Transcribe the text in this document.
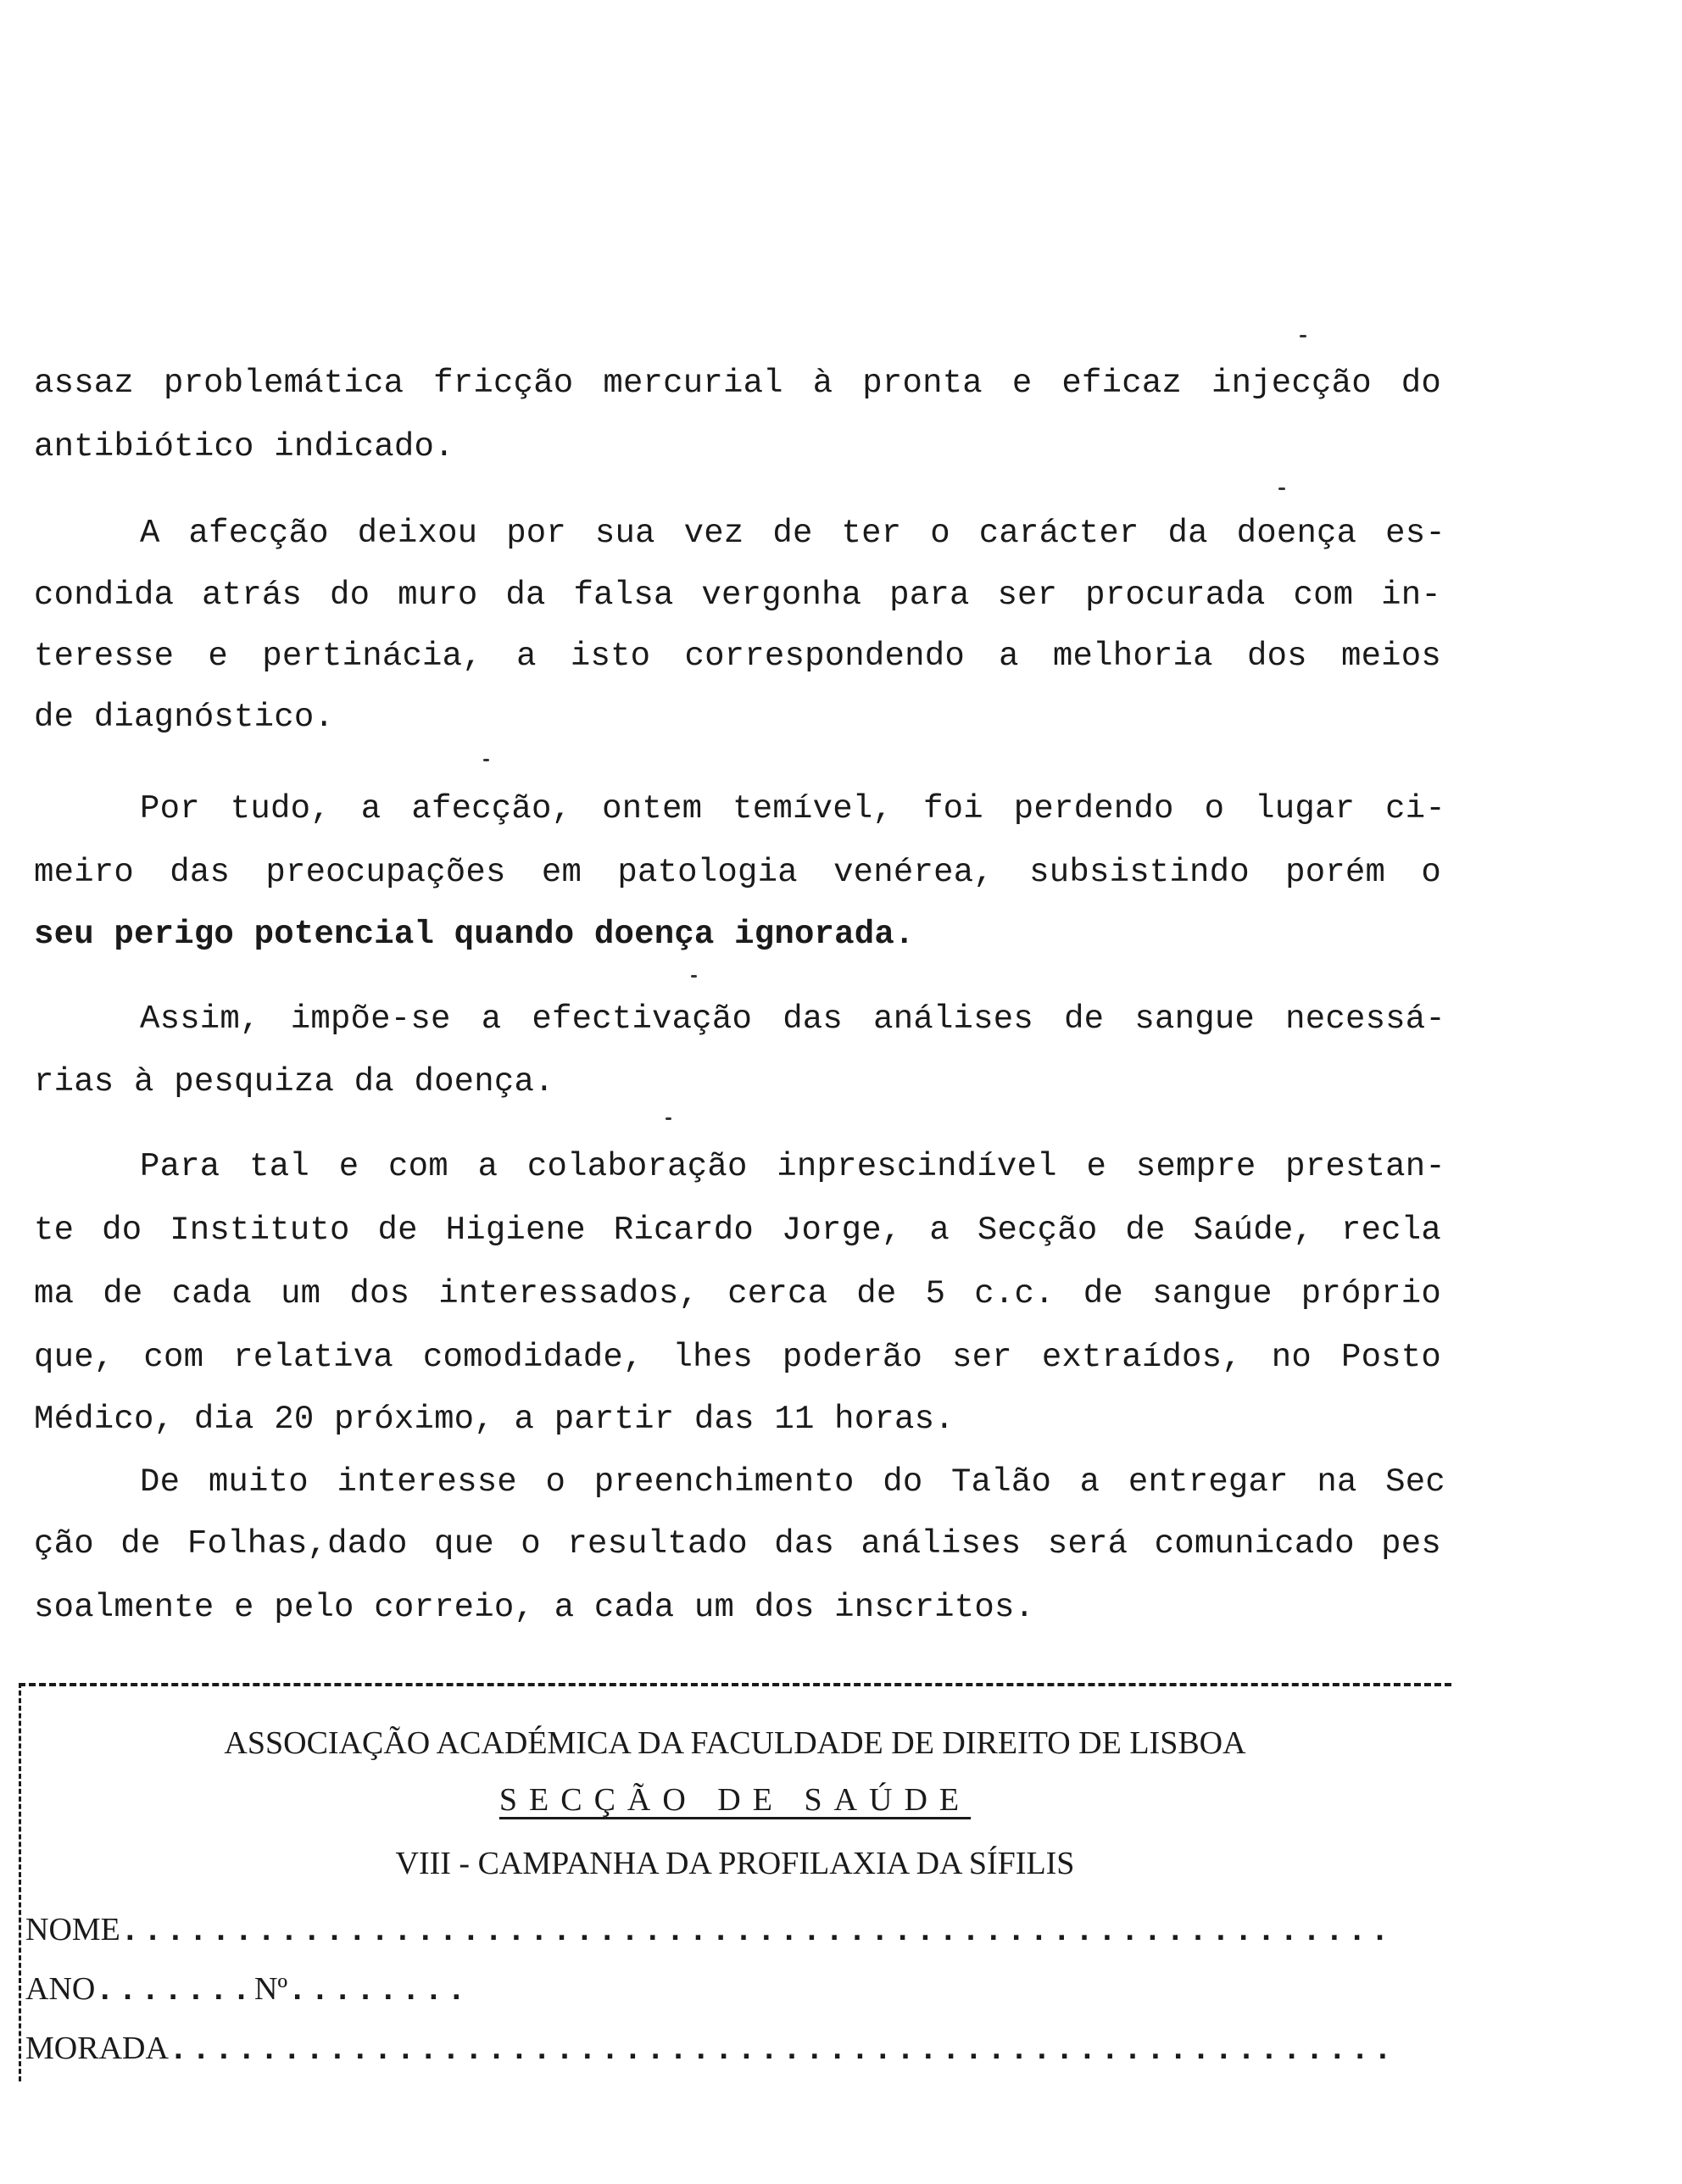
assaz problemática fricção mercurial à pronta e eficaz injecção do
antibiótico indicado.
A afecção deixou por sua vez de ter o carácter da doença es-
condida atrás do muro da falsa vergonha para ser procurada com in-
teresse e pertinácia, a isto correspondendo a melhoria dos meios
de diagnóstico.
Por tudo, a afecção, ontem temível, foi perdendo o lugar ci-
meiro das preocupações em patologia venérea, subsistindo porém o
seu perigo potencial quando doença ignorada.
Assim, impõe-se a efectivação das análises de sangue necessá-
rias à pesquiza da doença.
Para tal e com a colaboração inprescindível e sempre prestan-
te do Instituto de Higiene Ricardo Jorge, a Secção de Saúde, recla
ma de cada um dos interessados, cerca de 5 c.c. de sangue próprio
que, com relativa comodidade, lhes poderão ser extraídos, no Posto
Médico, dia 20 próximo, a partir das 11 horas.
De muito interesse o preenchimento do Talão a entregar na Sec
ção de Folhas,dado que o resultado das análises será comunicado pes
soalmente e pelo correio, a cada um dos inscritos.
ASSOCIAÇÃO ACADÉMICA DA FACULDADE DE DIREITO DE LISBOA
SECÇÃO DE SAÚDE
VIII - CAMPANHA DA PROFILAXIA DA SÍFILIS
NOME........................................................
ANO.......Nº........
MORADA......................................................
